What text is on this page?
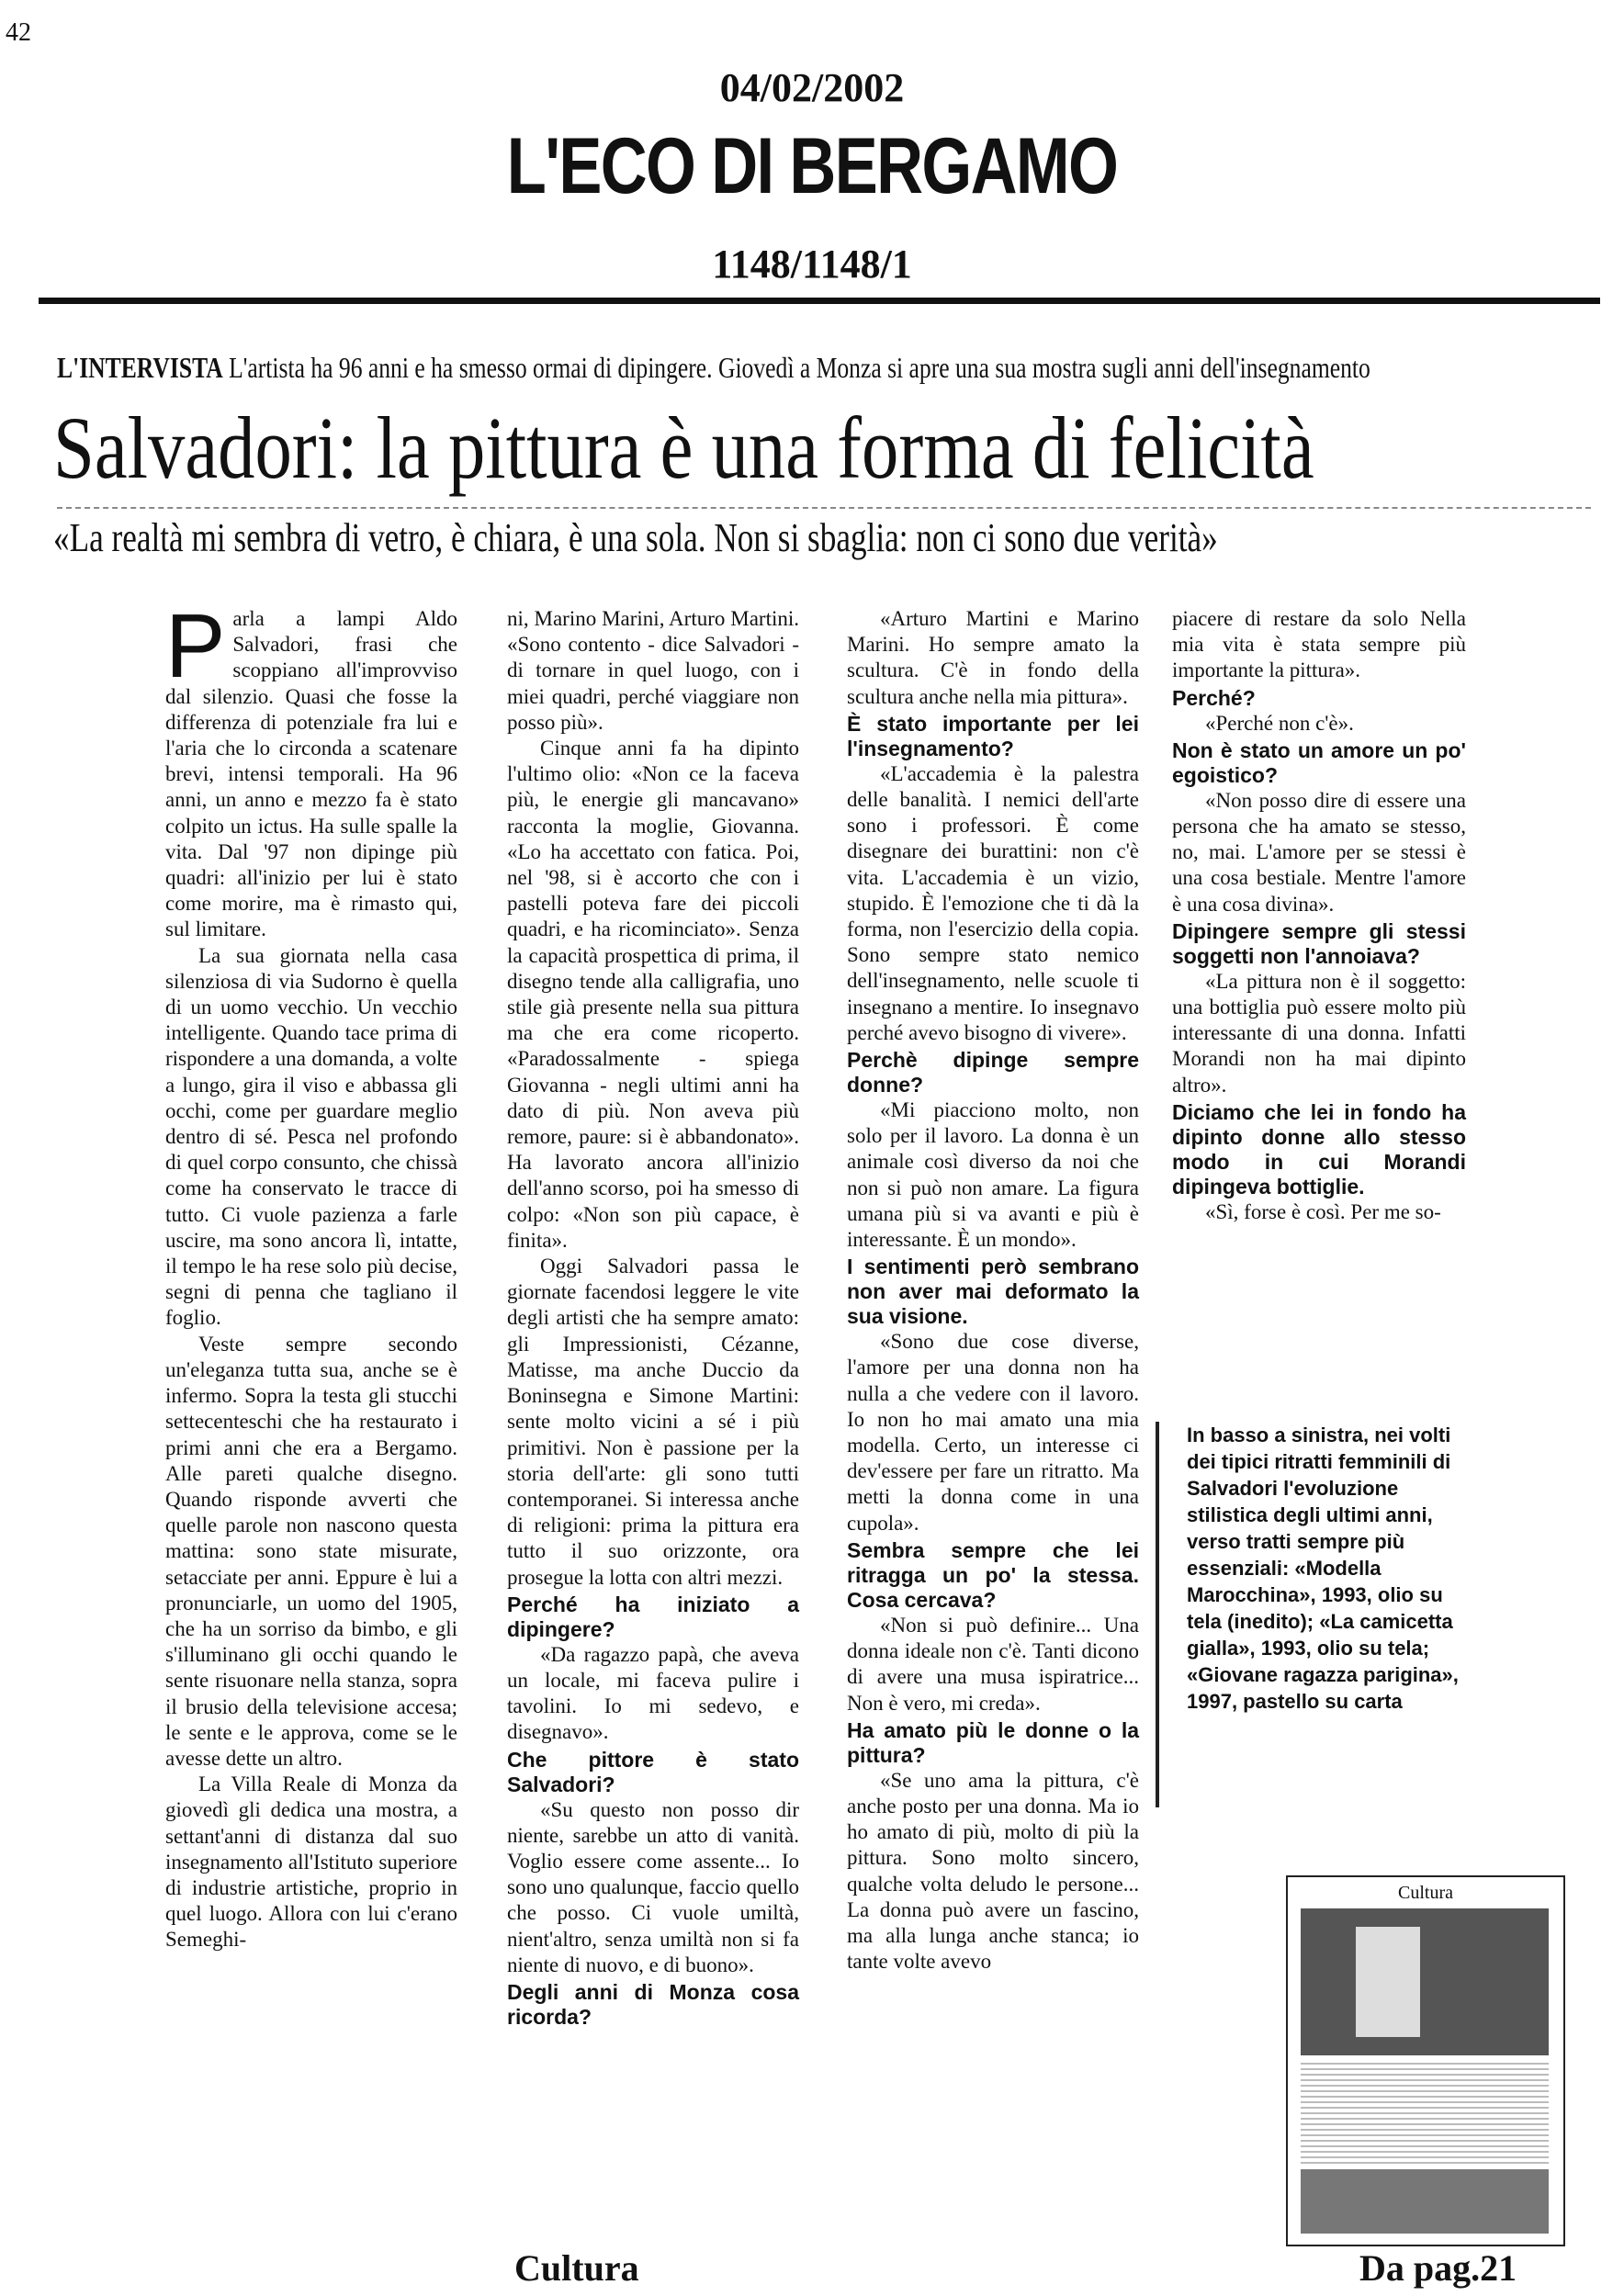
42
04/02/2002
L'ECO DI BERGAMO
1148/1148/1
L'INTERVISTA L'artista ha 96 anni e ha smesso ormai di dipingere. Giovedì a Monza si apre una sua mostra sugli anni dell'insegnamento
Salvadori: la pittura è una forma di felicità
«La realtà mi sembra di vetro, è chiara, è una sola. Non si sbaglia: non ci sono due verità»

Parla a lampi Aldo Salvadori, frasi che scoppiano all'improvviso dal silenzio. Quasi che fosse la differenza di potenziale fra lui e l'aria che lo circonda a scatenare brevi, intensi temporali. Ha 96 anni, un anno e mezzo fa è stato colpito un ictus. Ha sulle spalle la vita. Dal '97 non dipinge più quadri: all'inizio per lui è stato come morire, ma è rimasto qui, sul limitare.

La sua giornata nella casa silenziosa di via Sudorno è quella di un uomo vecchio. Un vecchio intelligente. Quando tace prima di rispondere a una domanda, a volte a lungo, gira il viso e abbassa gli occhi, come per guardare meglio dentro di sé. Pesca nel profondo di quel corpo consunto, che chissà come ha conservato le tracce di tutto. Ci vuole pazienza a farle uscire, ma sono ancora lì, intatte, il tempo le ha rese solo più decise, segni di penna che tagliano il foglio.

Veste sempre secondo un'eleganza tutta sua, anche se è infermo. Sopra la testa gli stucchi settecenteschi che ha restaurato i primi anni che era a Bergamo. Alle pareti qualche disegno. Quando risponde avverti che quelle parole non nascono questa mattina: sono state misurate, setacciate per anni. Eppure è lui a pronunciarle, un uomo del 1905, che ha un sorriso da bimbo, e gli s'illuminano gli occhi quando le sente risuonare nella stanza, sopra il brusio della televisione accesa; le sente e le approva, come se le avesse dette un altro.

La Villa Reale di Monza da giovedì gli dedica una mostra, a settant'anni di distanza dal suo insegnamento all'Istituto superiore di industrie artistiche, proprio in quel luogo. Allora con lui c'erano Semeghi-

ni, Marino Marini, Arturo Martini. «Sono contento - dice Salvadori - di tornare in quel luogo, con i miei quadri, perché viaggiare non posso più».

Cinque anni fa ha dipinto l'ultimo olio: «Non ce la faceva più, le energie gli mancavano» racconta la moglie, Giovanna. «Lo ha accettato con fatica. Poi, nel '98, si è accorto che con i pastelli poteva fare dei piccoli quadri, e ha ricominciato». Senza la capacità prospettica di prima, il disegno tende alla calligrafia, uno stile già presente nella sua pittura ma che era come ricoperto. «Paradossalmente - spiega Giovanna - negli ultimi anni ha dato di più. Non aveva più remore, paure: si è abbandonato». Ha lavorato ancora all'inizio dell'anno scorso, poi ha smesso di colpo: «Non son più capace, è finita».

Oggi Salvadori passa le giornate facendosi leggere le vite degli artisti che ha sempre amato: gli Impressionisti, Cézanne, Matisse, ma anche Duccio da Boninsegna e Simone Martini: sente molto vicini a sé i più primitivi. Non è passione per la storia dell'arte: gli sono tutti contemporanei. Si interessa anche di religioni: prima la pittura era tutto il suo orizzonte, ora prosegue la lotta con altri mezzi.

Perché ha iniziato a dipingere?

«Da ragazzo papà, che aveva un locale, mi faceva pulire i tavolini. Io mi sedevo, e disegnavo».

Che pittore è stato Salvadori?

«Su questo non posso dir niente, sarebbe un atto di vanità. Voglio essere come assente... Io sono uno qualunque, faccio quello che posso. Ci vuole umiltà, nient'altro, senza umiltà non si fa niente di nuovo, e di buono».

Degli anni di Monza cosa ricorda?

«Arturo Martini e Marino Marini. Ho sempre amato la scultura. C'è in fondo della scultura anche nella mia pittura».

È stato importante per lei l'insegnamento?

«L'accademia è la palestra delle banalità. I nemici dell'arte sono i professori. È come disegnare dei burattini: non c'è vita. L'accademia è un vizio, stupido. È l'emozione che ti dà la forma, non l'esercizio della copia. Sono sempre stato nemico dell'insegnamento, nelle scuole ti insegnano a mentire. Io insegnavo perché avevo bisogno di vivere».

Perchè dipinge sempre donne?

«Mi piacciono molto, non solo per il lavoro. La donna è un animale così diverso da noi che non si può non amare. La figura umana più si va avanti e più è interessante. È un mondo».

I sentimenti però sembrano non aver mai deformato la sua visione.

«Sono due cose diverse, l'amore per una donna non ha nulla a che vedere con il lavoro. Io non ho mai amato una mia modella. Certo, un interesse ci dev'essere per fare un ritratto. Ma metti la donna come in una cupola».

Sembra sempre che lei ritragga un po' la stessa. Cosa cercava?

«Non si può definire... Una donna ideale non c'è. Tanti dicono di avere una musa ispiratrice... Non è vero, mi creda».

Ha amato più le donne o la pittura?

«Se uno ama la pittura, c'è anche posto per una donna. Ma io ho amato di più, molto di più la pittura. Sono molto sincero, qualche volta deludo le persone... La donna può avere un fascino, ma alla lunga anche stanca; io tante volte avevo

piacere di restare da solo Nella mia vita è stata sempre più importante la pittura».

Perché?

«Perché non c'è».

Non è stato un amore un po' egoistico?

«Non posso dire di essere una persona che ha amato se stesso, no, mai. L'amore per se stessi è una cosa bestiale. Mentre l'amore è una cosa divina».

Dipingere sempre gli stessi soggetti non l'annoiava?

«La pittura non è il soggetto: una bottiglia può essere molto più interessante di una donna. Infatti Morandi non ha mai dipinto altro».

Diciamo che lei in fondo ha dipinto donne allo stesso modo in cui Morandi dipingeva bottiglie.

«Sì, forse è così. Per me so-

In basso a sinistra, nei volti dei tipici ritratti femminili di Salvadori l'evoluzione stilistica degli ultimi anni, verso tratti sempre più essenziali: «Modella Marocchina», 1993, olio su tela (inedito); «La camicetta gialla», 1993, olio su tela; «Giovane ragazza parigina», 1997, pastello su carta
Cultura
Cultura	Da pag.21
